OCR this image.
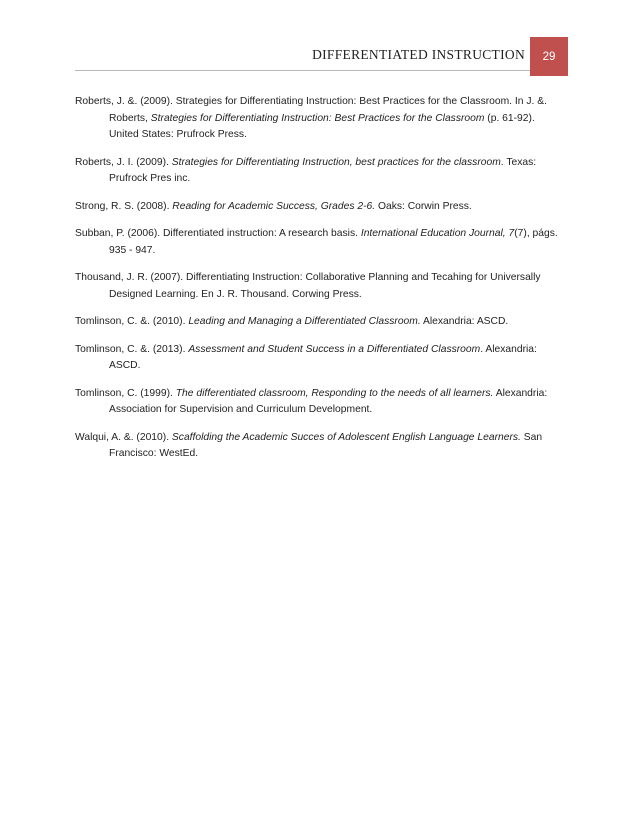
DIFFERENTIATED INSTRUCTION	29

Roberts, J. &. (2009). Strategies for Differentiating Instruction: Best Practices for the Classroom. In J. &. Roberts, Strategies for Differentiating Instruction: Best Practices for the Classroom (p. 61-92). United States: Prufrock Press.

Roberts, J. I. (2009). Strategies for Differentiating Instruction, best practices for the classroom. Texas: Prufrock Pres inc.

Strong, R. S. (2008). Reading for Academic Success, Grades 2-6. Oaks: Corwin Press.

Subban, P. (2006). Differentiated instruction: A research basis. International Education Journal, 7(7), págs. 935 - 947.

Thousand, J. R. (2007). Differentiating Instruction: Collaborative Planning and Tecahing for Universally Designed Learning. En J. R. Thousand. Corwing Press.

Tomlinson, C. &. (2010). Leading and Managing a Differentiated Classroom. Alexandria: ASCD.

Tomlinson, C. &. (2013). Assessment and Student Success in a Differentiated Classroom. Alexandria: ASCD.

Tomlinson, C. (1999). The differentiated classroom, Responding to the needs of all learners. Alexandria: Association for Supervision and Curriculum Development.

Walqui, A. &. (2010). Scaffolding the Academic Succes of Adolescent English Language Learners. San Francisco: WestEd.
